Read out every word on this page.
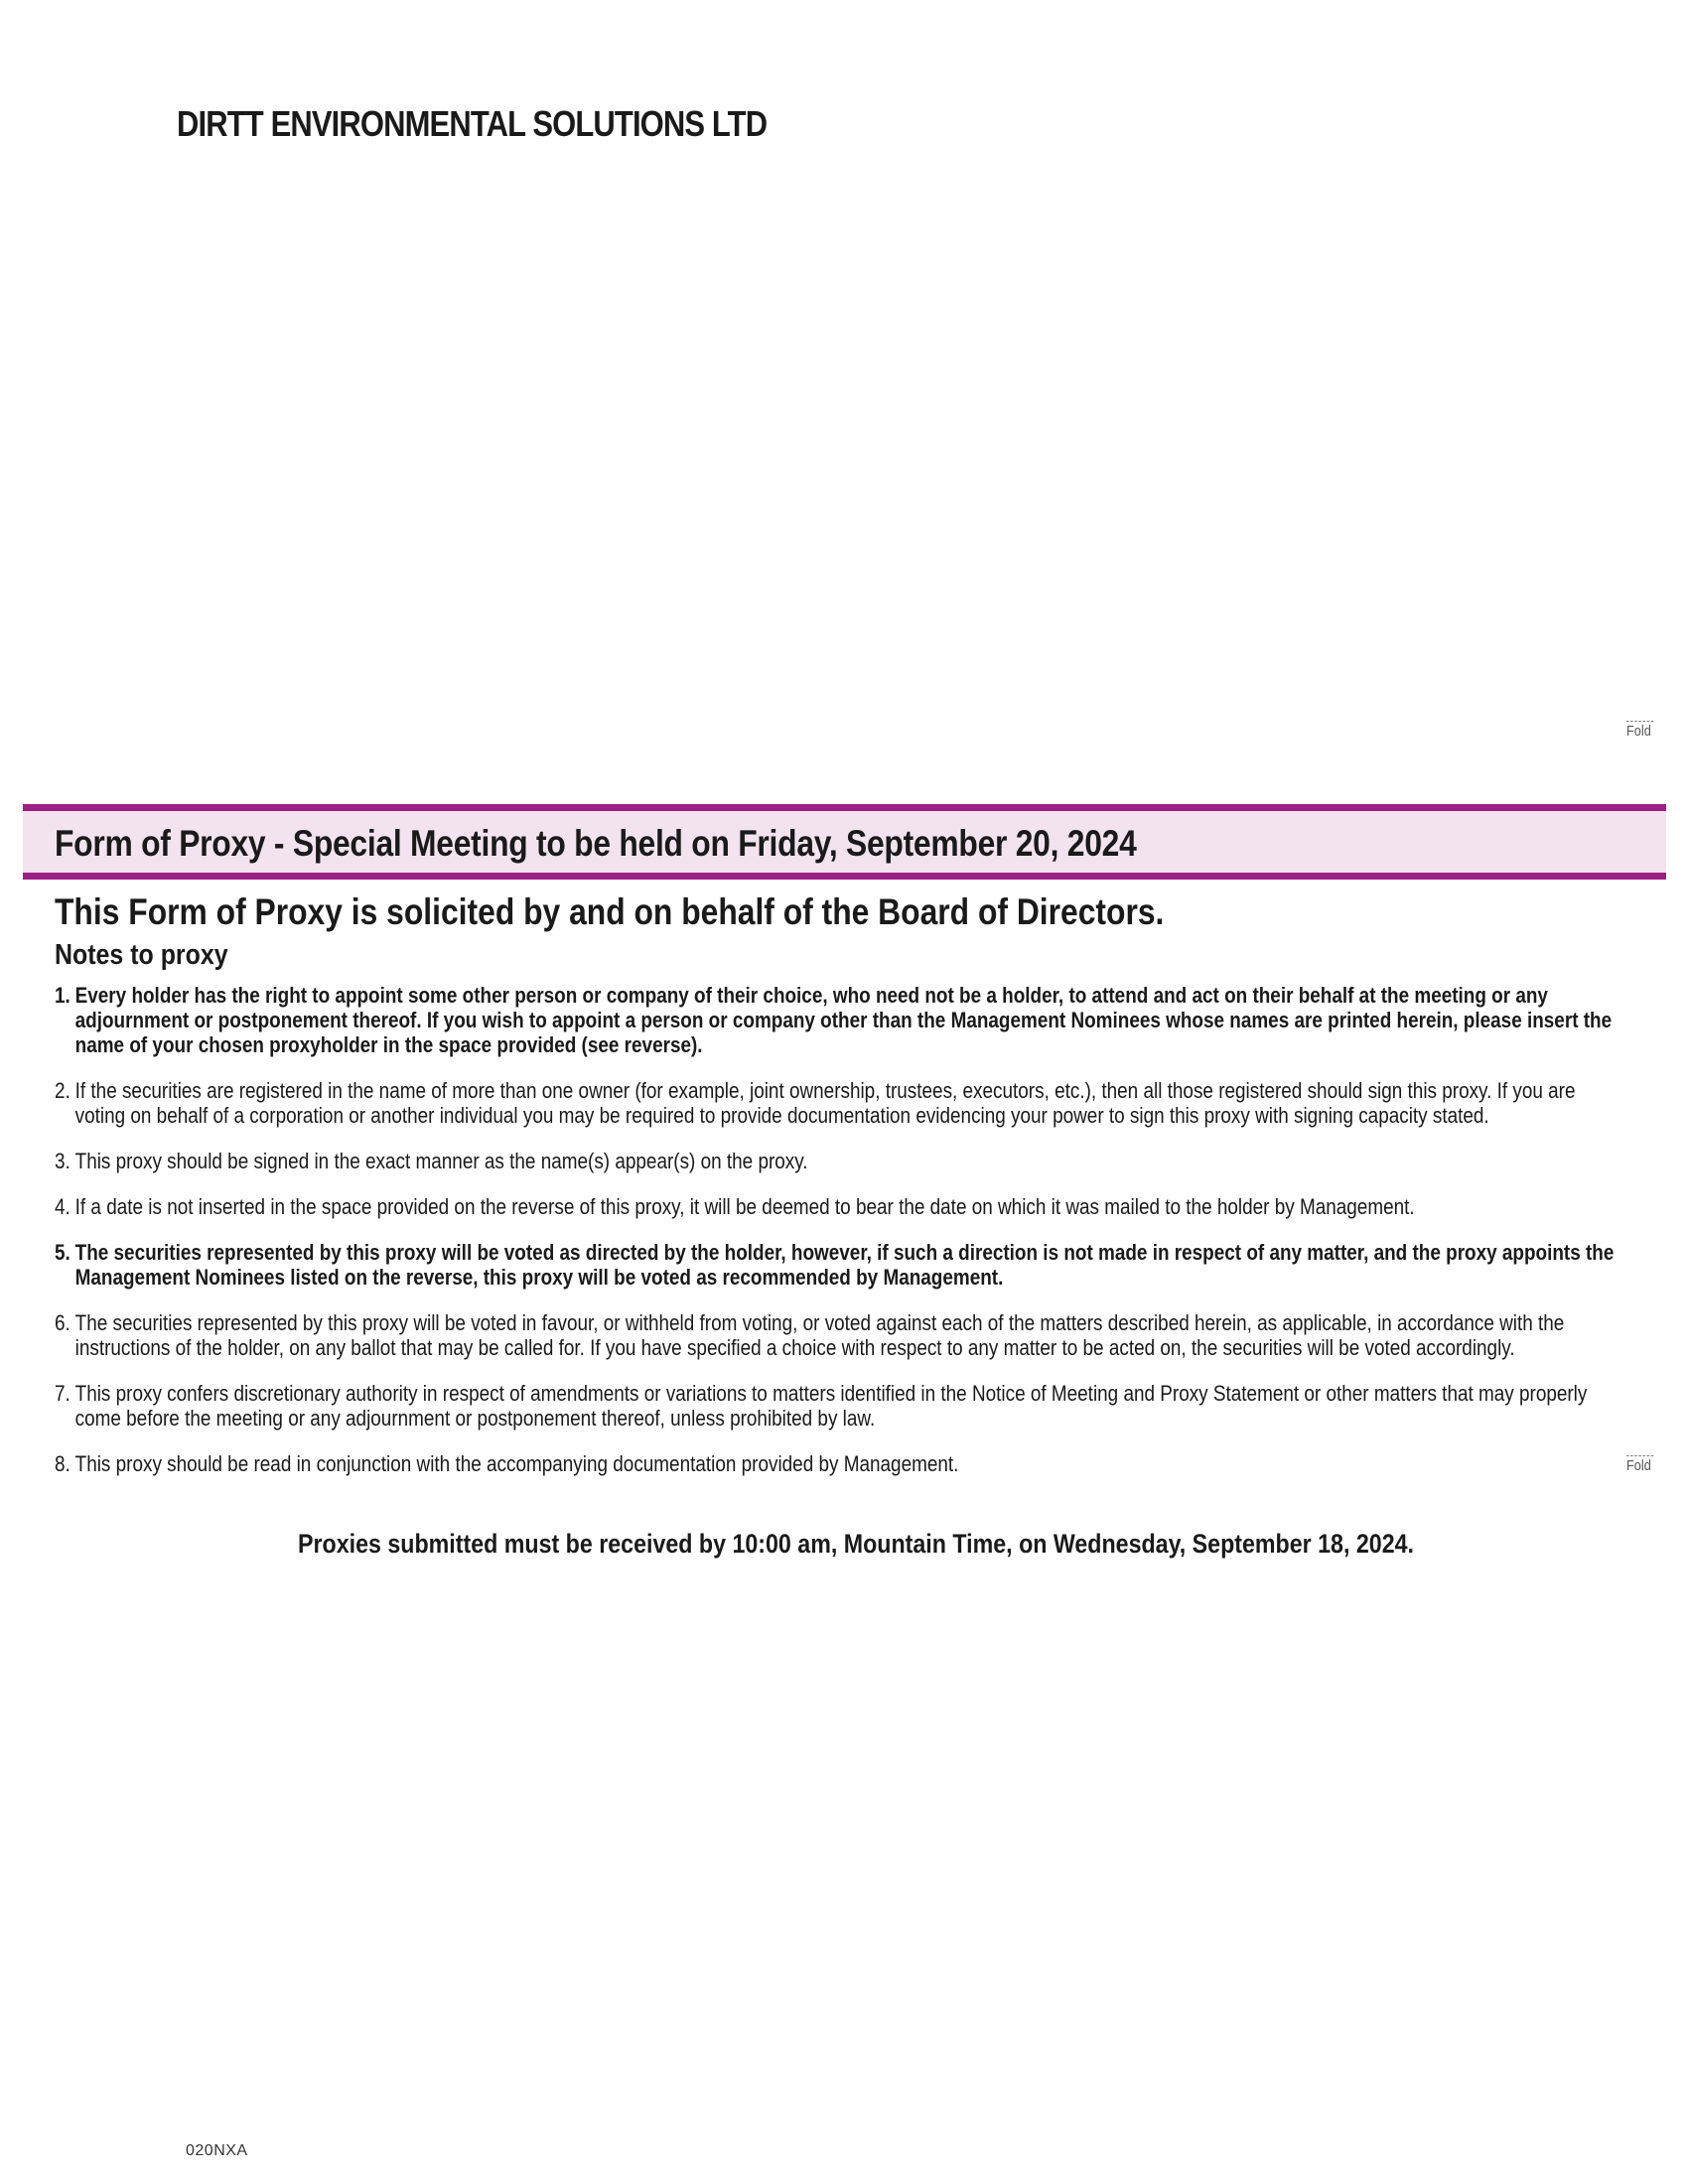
DIRTT ENVIRONMENTAL SOLUTIONS LTD
Fold
Form of Proxy - Special Meeting to be held on Friday, September 20, 2024
This Form of Proxy is solicited by and on behalf of the Board of Directors.
Notes to proxy
1. Every holder has the right to appoint some other person or company of their choice, who need not be a holder, to attend and act on their behalf at the meeting or any adjournment or postponement thereof. If you wish to appoint a person or company other than the Management Nominees whose names are printed herein, please insert the name of your chosen proxyholder in the space provided (see reverse).
2. If the securities are registered in the name of more than one owner (for example, joint ownership, trustees, executors, etc.), then all those registered should sign this proxy. If you are voting on behalf of a corporation or another individual you may be required to provide documentation evidencing your power to sign this proxy with signing capacity stated.
3. This proxy should be signed in the exact manner as the name(s) appear(s) on the proxy.
4. If a date is not inserted in the space provided on the reverse of this proxy, it will be deemed to bear the date on which it was mailed to the holder by Management.
5. The securities represented by this proxy will be voted as directed by the holder, however, if such a direction is not made in respect of any matter, and the proxy appoints the Management Nominees listed on the reverse, this proxy will be voted as recommended by Management.
6. The securities represented by this proxy will be voted in favour, or withheld from voting, or voted against each of the matters described herein, as applicable, in accordance with the instructions of the holder, on any ballot that may be called for. If you have specified a choice with respect to any matter to be acted on, the securities will be voted accordingly.
7. This proxy confers discretionary authority in respect of amendments or variations to matters identified in the Notice of Meeting and Proxy Statement or other matters that may properly come before the meeting or any adjournment or postponement thereof, unless prohibited by law.
8. This proxy should be read in conjunction with the accompanying documentation provided by Management.	Fold
Proxies submitted must be received by 10:00 am, Mountain Time, on Wednesday, September 18, 2024.
020NXA
